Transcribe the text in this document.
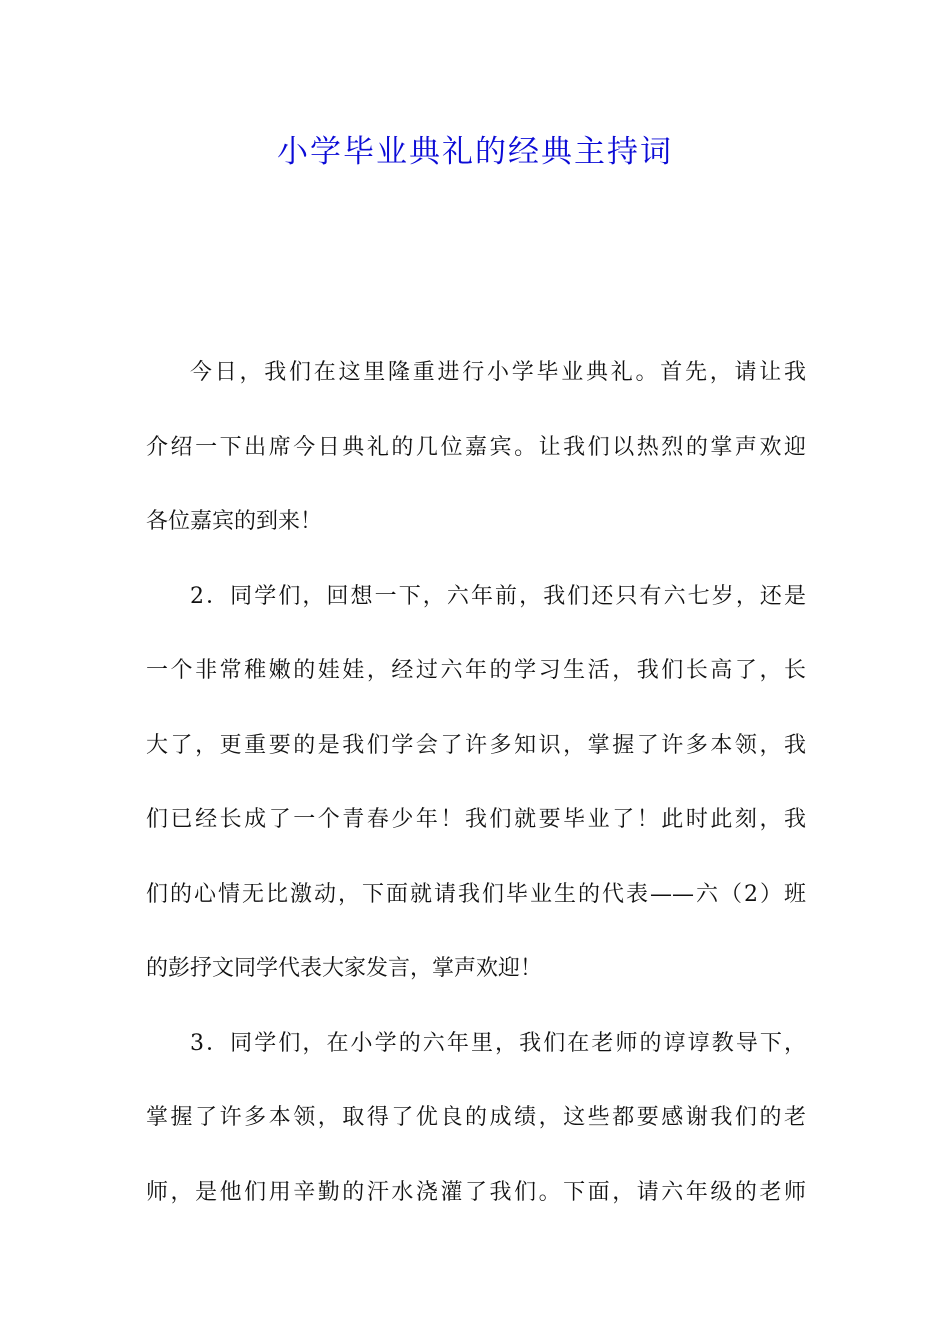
小学毕业典礼的经典主持词
今日，我们在这里隆重进行小学毕业典礼。首先，请让我
介绍一下出席今日典礼的几位嘉宾。让我们以热烈的掌声欢迎
各位嘉宾的到来！
2．同学们，回想一下，六年前，我们还只有六七岁，还是
一个非常稚嫩的娃娃，经过六年的学习生活，我们长高了，长
大了，更重要的是我们学会了许多知识，掌握了许多本领，我
们已经长成了一个青春少年！我们就要毕业了！此时此刻，我
们的心情无比激动，下面就请我们毕业生的代表——六（2）班
的彭抒文同学代表大家发言，掌声欢迎！
3．同学们，在小学的六年里，我们在老师的谆谆教导下，
掌握了许多本领，取得了优良的成绩，这些都要感谢我们的老
师，是他们用辛勤的汗水浇灌了我们。下面，请六年级的老师
